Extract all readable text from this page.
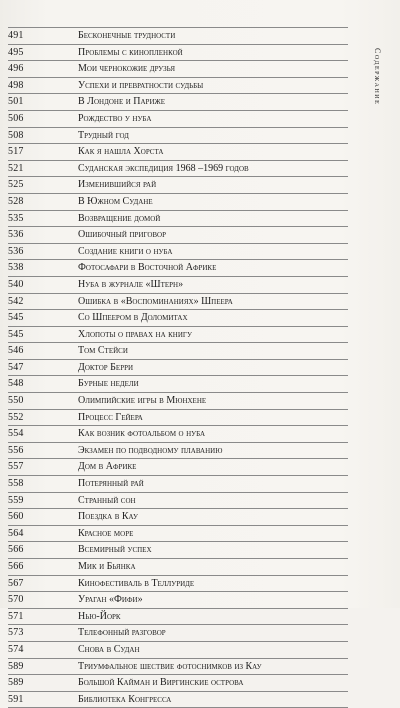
491	Бесконечные трудности
495	Проблемы с кинопленкой
496	Мои чернокожие друзья
498	Успехи и превратности судьбы
501	В Лондоне и Париже
506	Рождество у нуба
508	Трудный год
517	Как я нашла Хорста
521	Суданская экспедиция 1968 –1969 годов
525	Изменившийся рай
528	В Южном Судане
535	Возвращение домой
536	Ошибочный приговор
536	Создание книги о нуба
538	Фотосафари в Восточной Африке
540	Нуба в журнале «Штерн»
542	Ошибка в «Воспоминаниях» Шпеера
545	Со Шпеером в Доломитах
545	Хлопоты о правах на книгу
546	Том Стейси
547	Доктор Берри
548	Бурные недели
550	Олимпийские игры в Мюнхене
552	Процесс Гейера
554	Как возник фотоальбом о нуба
556	Экзамен по подводному плаванию
557	Дом в Африке
558	Потерянный рай
559	Странный сон
560	Поездка в Кау
564	Красное море
566	Всемирный успех
566	Мик и Бьянка
567	Кинофестиваль в Теллуриде
570	Ураган «Фифи»
571	Нью-Йорк
573	Телефонный разговор
574	Снова в Судан
589	Триумфальное шествие фотоснимков из Кау
589	Большой Кайман и Виргинские острова
591	Библиотека Конгресса
Содержание
